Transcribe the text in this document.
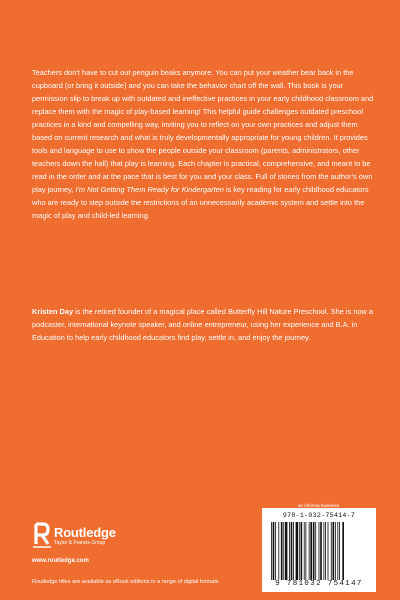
Teachers don't have to cut out penguin beaks anymore. You can put your weather bear back in the cupboard (or bring it outside) and you can take the behavior chart off the wall. This book is your permission slip to break up with outdated and ineffective practices in your early childhood classroom and replace them with the magic of play-based learning! This helpful guide challenges outdated preschool practices in a kind and compelling way, inviting you to reflect on your own practices and adjust them based on current research and what is truly developmentally appropriate for young children. It provides tools and language to use to show the people outside your classroom (parents, administrators, other teachers down the hall) that play is learning. Each chapter is practical, comprehensive, and meant to be read in the order and at the pace that is best for you and your class. Full of stories from the author's own play journey, I'm Not Getting Them Ready for Kindergarten is key reading for early childhood educators who are ready to step outside the restrictions of an unnecessarily academic system and settle into the magic of play and child-led learning.

Kristen Day is the retired founder of a magical place called Butterfly Hill Nature Preschool. She is now a podcaster, international keynote speaker, and online entrepreneur, using her experience and B.A. in Education to help early childhood educators find play, settle in, and enjoy the journey.

Routledge
Taylor & Francis Group
www.routledge.com
Routledge titles are available as eBook editions in a range of digital formats
an informa business
978-1-032-75414-7
9 781032 754147
